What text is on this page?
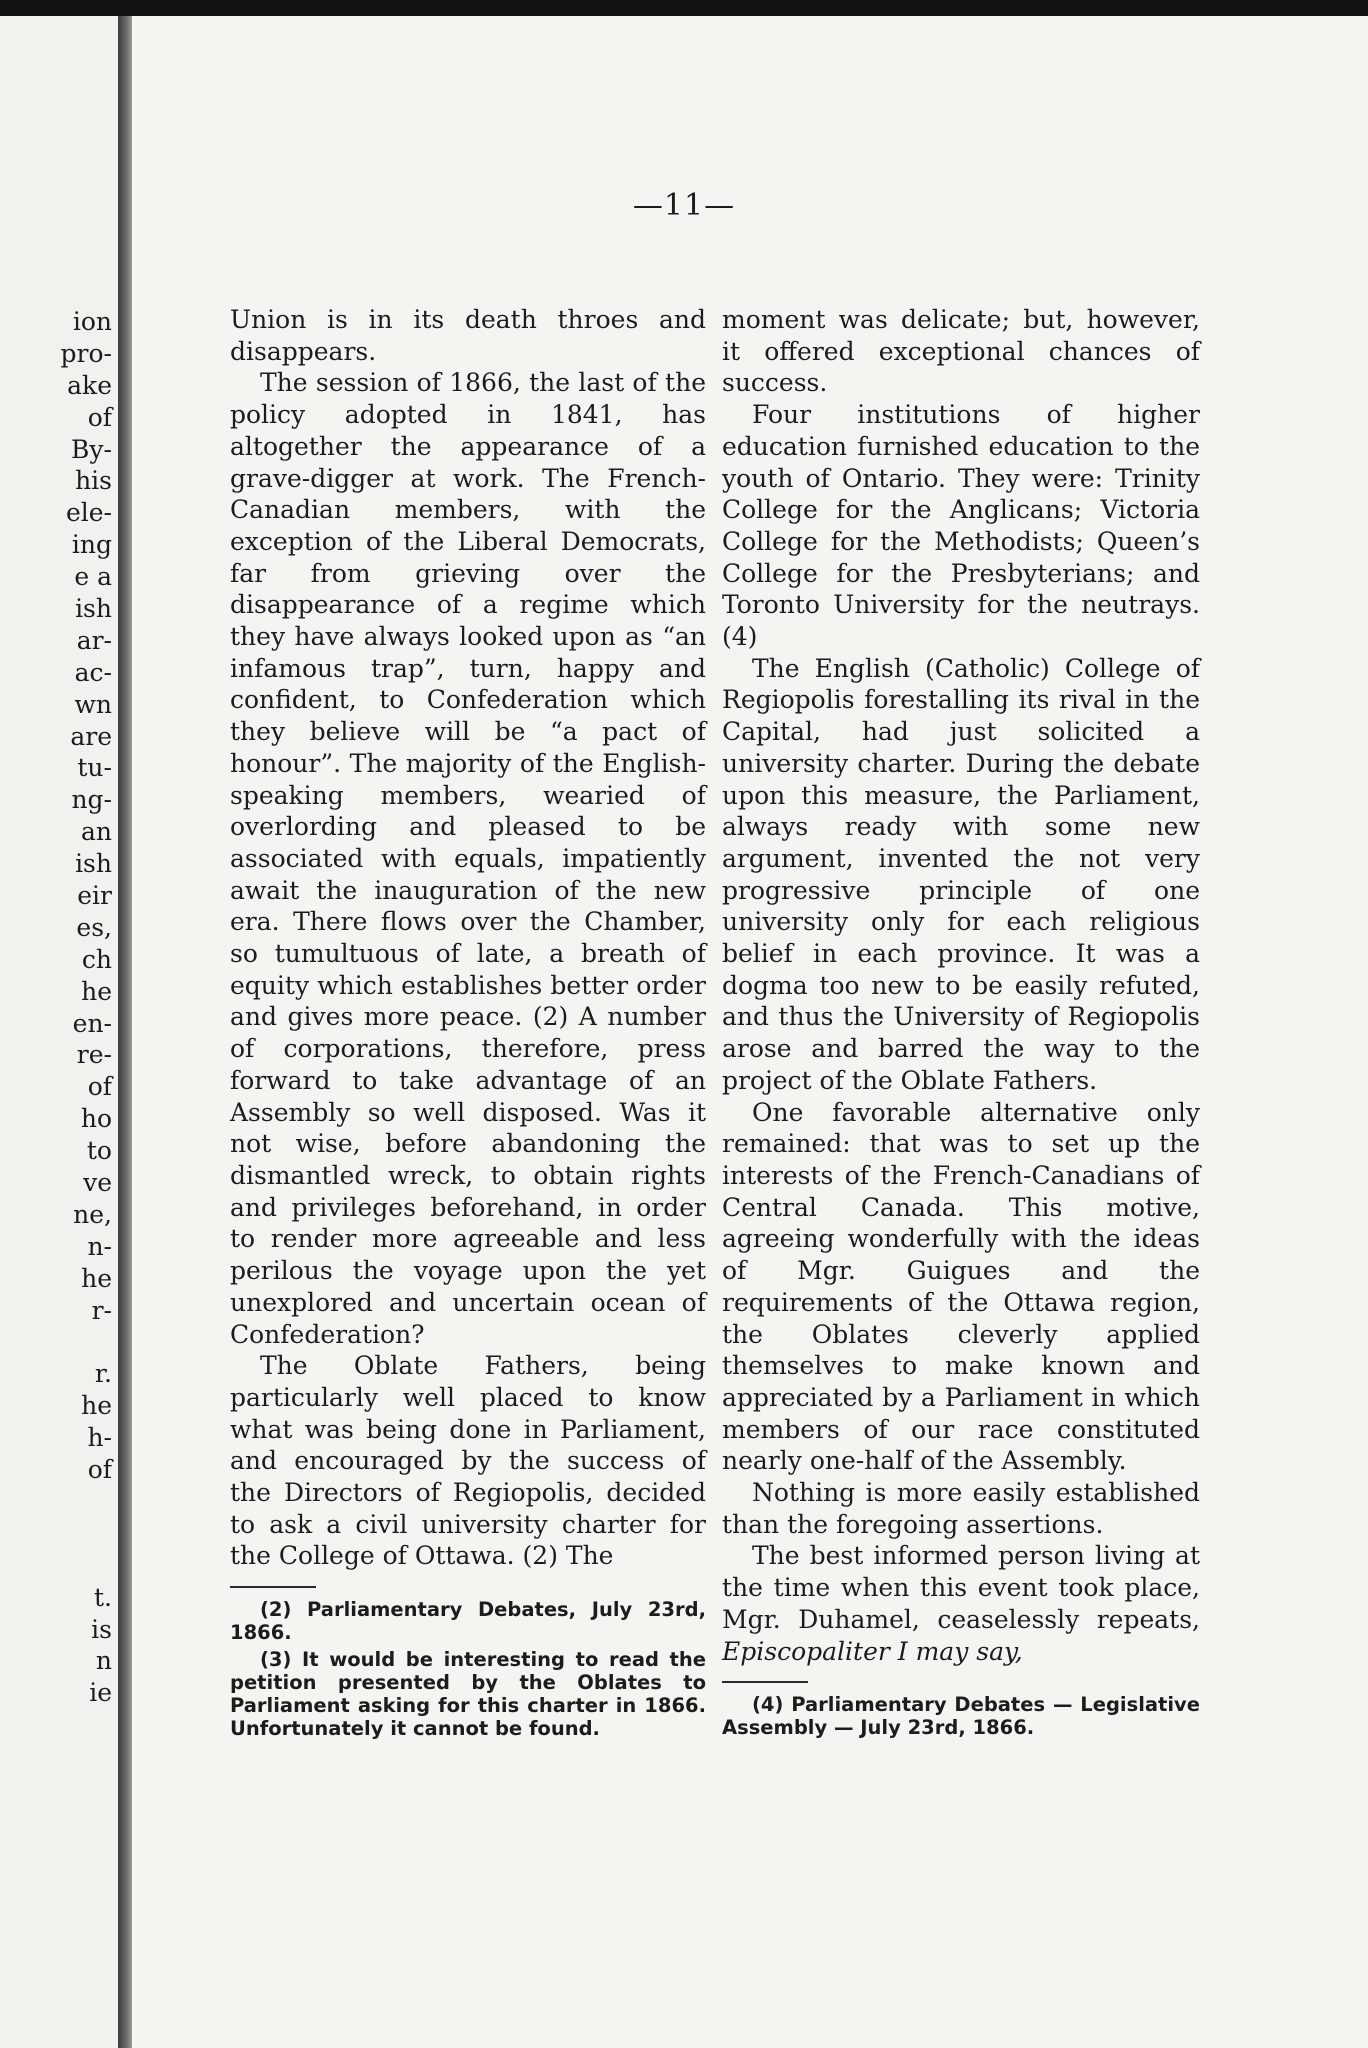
ion
pro-
ake
of
By-
his
ele-
ing
e a
ish
ar-
ac-
wn
are
tu-
ng-
an
ish
eir
es,
ch
he
en-
re-
of
ho
to
ve
ne,
n-
he
r-
r.
he
h-
of
t.
is
n
ie
—11—

Union is in its death throes and disappears.

The session of 1866, the last of the policy adopted in 1841, has altogether the appearance of a grave-digger at work. The French-Canadian members, with the exception of the Liberal Democrats, far from grieving over the disappearance of a regime which they have always looked upon as “an infamous trap”, turn, happy and confident, to Confederation which they believe will be “a pact of honour”. The majority of the English-speaking members, wearied of overlording and pleased to be associated with equals, impatiently await the inauguration of the new era. There flows over the Chamber, so tumultuous of late, a breath of equity which establishes better order and gives more peace. (2) A number of corporations, therefore, press forward to take advantage of an Assembly so well disposed. Was it not wise, before abandoning the dismantled wreck, to obtain rights and privileges beforehand, in order to render more agreeable and less perilous the voyage upon the yet unexplored and uncertain ocean of Confederation?

The Oblate Fathers, being particularly well placed to know what was being done in Parliament, and encouraged by the success of the Directors of Regiopolis, decided to ask a civil university charter for the College of Ottawa. (2) The

(2) Parliamentary Debates, July 23rd, 1866.

(3) It would be interesting to read the petition presented by the Oblates to Parliament asking for this charter in 1866. Unfortunately it cannot be found.

moment was delicate; but, however, it offered exceptional chances of success.

Four institutions of higher education furnished education to the youth of Ontario. They were: Trinity College for the Anglicans; Victoria College for the Methodists; Queen’s College for the Presbyterians; and Toronto University for the neutrays. (4)

The English (Catholic) College of Regiopolis forestalling its rival in the Capital, had just solicited a university charter. During the debate upon this measure, the Parliament, always ready with some new argument, invented the not very progressive principle of one university only for each religious belief in each province. It was a dogma too new to be easily refuted, and thus the University of Regiopolis arose and barred the way to the project of the Oblate Fathers.

One favorable alternative only remained: that was to set up the interests of the French-Canadians of Central Canada. This motive, agreeing wonderfully with the ideas of Mgr. Guigues and the requirements of the Ottawa region, the Oblates cleverly applied themselves to make known and appreciated by a Parliament in which members of our race constituted nearly one-half of the Assembly.

Nothing is more easily established than the foregoing assertions.

The best informed person living at the time when this event took place, Mgr. Duhamel, ceaselessly repeats, Episcopaliter I may say,

(4) Parliamentary Debates — Legislative Assembly — July 23rd, 1866.
